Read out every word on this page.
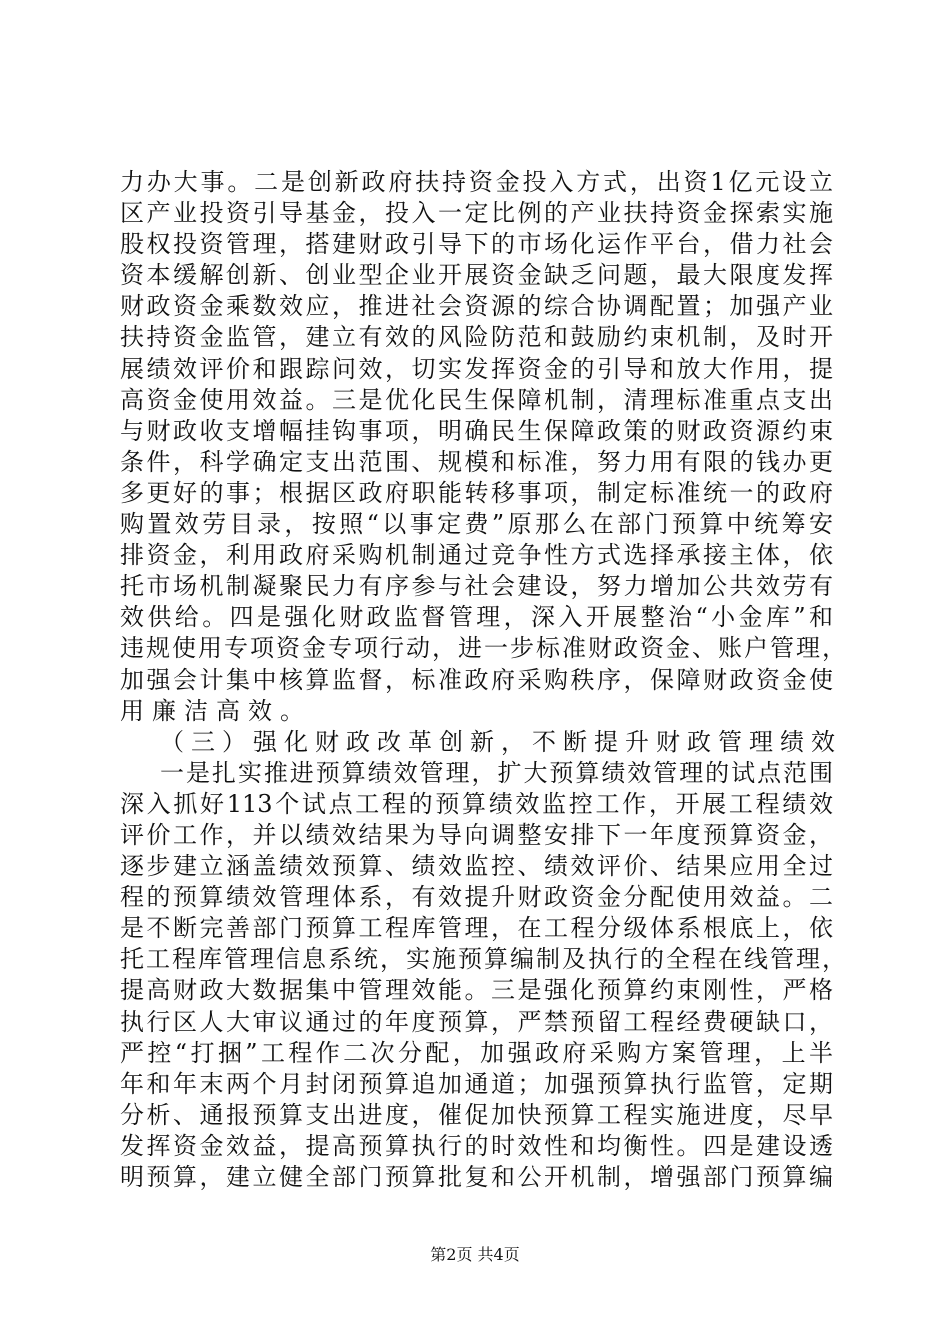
力办大事。二是创新政府扶持资金投入方式，出资1亿元设立
区产业投资引导基金，投入一定比例的产业扶持资金探索实施
股权投资管理，搭建财政引导下的市场化运作平台，借力社会
资本缓解创新、创业型企业开展资金缺乏问题，最大限度发挥
财政资金乘数效应，推进社会资源的综合协调配置；加强产业
扶持资金监管，建立有效的风险防范和鼓励约束机制，及时开
展绩效评价和跟踪问效，切实发挥资金的引导和放大作用，提
高资金使用效益。三是优化民生保障机制，清理标准重点支出
与财政收支增幅挂钩事项，明确民生保障政策的财政资源约束
条件，科学确定支出范围、规模和标准，努力用有限的钱办更
多更好的事；根据区政府职能转移事项，制定标准统一的政府
购置效劳目录，按照“以事定费”原那么在部门预算中统筹安
排资金，利用政府采购机制通过竞争性方式选择承接主体，依
托市场机制凝聚民力有序参与社会建设，努力增加公共效劳有
效供给。四是强化财政监督管理，深入开展整治“小金库”和
违规使用专项资金专项行动，进一步标准财政资金、账户管理，
加强会计集中核算监督，标准政府采购秩序，保障财政资金使
用廉洁高效。
（三）强化财政改革创新，不断提升财政管理绩效
一是扎实推进预算绩效管理，扩大预算绩效管理的试点范围
深入抓好113个试点工程的预算绩效监控工作，开展工程绩效
评价工作，并以绩效结果为导向调整安排下一年度预算资金，
逐步建立涵盖绩效预算、绩效监控、绩效评价、结果应用全过
程的预算绩效管理体系，有效提升财政资金分配使用效益。二
是不断完善部门预算工程库管理，在工程分级体系根底上，依
托工程库管理信息系统，实施预算编制及执行的全程在线管理，
提高财政大数据集中管理效能。三是强化预算约束刚性，严格
执行区人大审议通过的年度预算，严禁预留工程经费硬缺口，
严控“打捆”工程作二次分配，加强政府采购方案管理，上半
年和年末两个月封闭预算追加通道；加强预算执行监管，定期
分析、通报预算支出进度，催促加快预算工程实施进度，尽早
发挥资金效益，提高预算执行的时效性和均衡性。四是建设透
明预算，建立健全部门预算批复和公开机制，增强部门预算编
第2页 共4页
